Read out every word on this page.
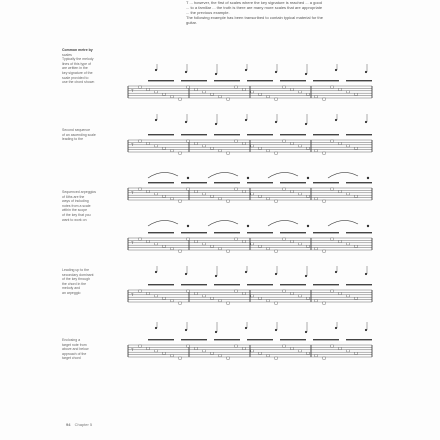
T ... however, the first of scales where the key signature is reached ... a good
... to a familiar ... the truth is there are many more scales that are appropriate
... the previous example.
The following example has been transcribed to contain typical material for the
guitar.
Common metre by
scales
Typically the melody
lines of this type of
are written in the
key signature of the
scale provided to
use the chord shown
Second sequence
of an ascending scale
leading to the
Sequenced arpeggios
of 6ths are the
ways of including
notes from a scale
within the scope
of the key that you
want to work on
Leading up to the
secondary dominant
of the key through
the chord in the
melody and
an arpeggio
Enclosing a
target note from
above and below
approach of the
target chord
T
T
T
T
T
T
94 Chapter 5
